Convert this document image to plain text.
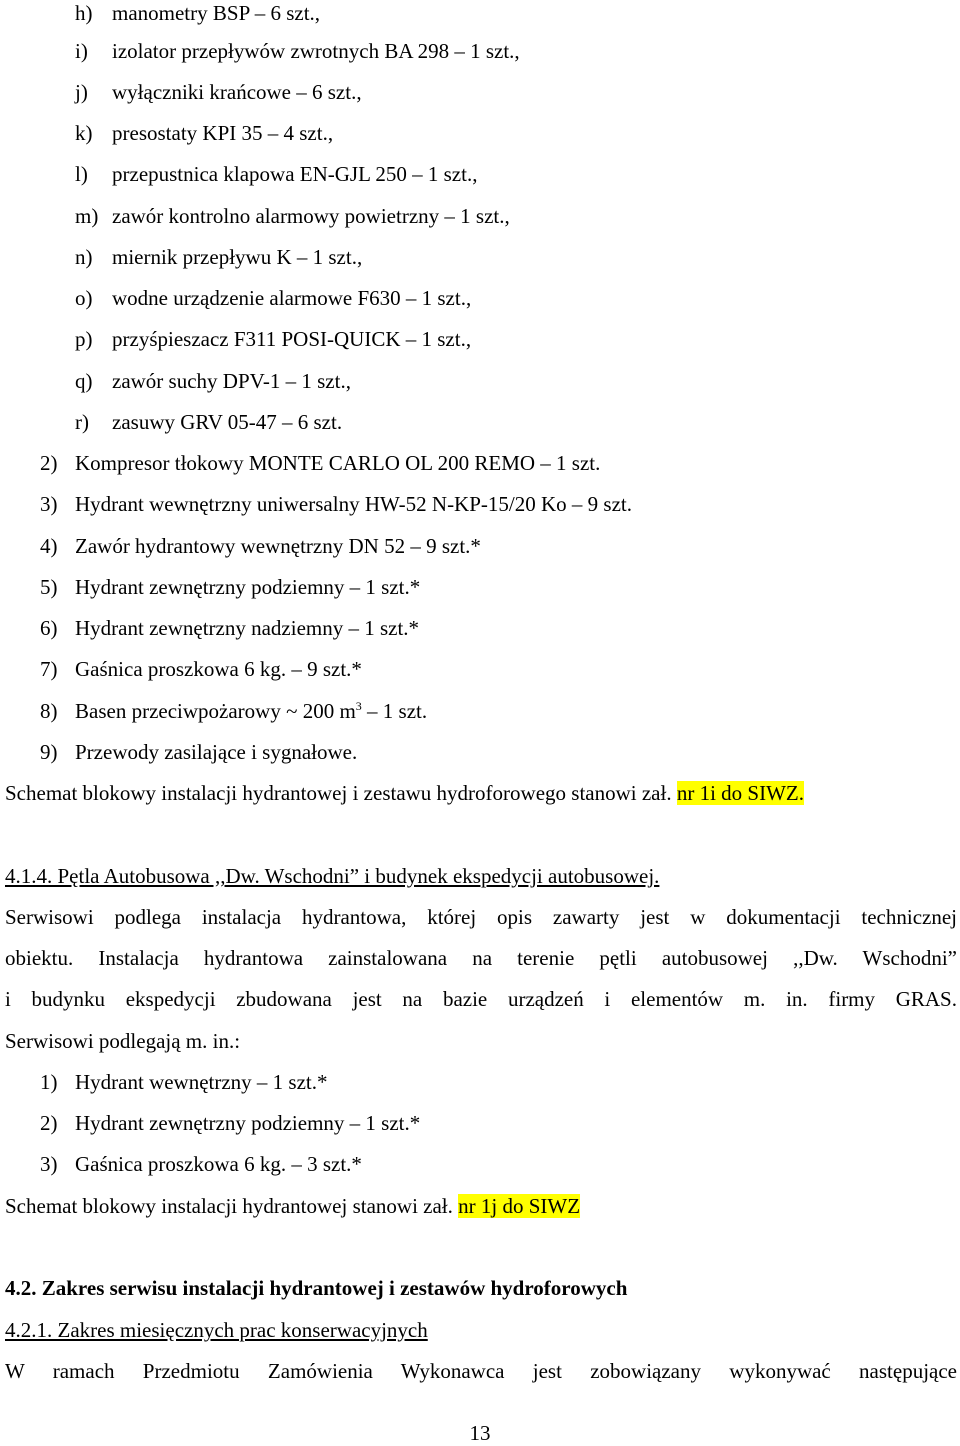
h) manometry BSP – 6 szt.,
i) izolator przepływów zwrotnych BA 298 – 1 szt.,
j) wyłączniki krańcowe – 6 szt.,
k) presostaty KPI 35 – 4 szt.,
l) przepustnica klapowa EN-GJL 250 – 1 szt.,
m) zawór kontrolno alarmowy powietrzny – 1 szt.,
n) miernik przepływu K – 1 szt.,
o) wodne urządzenie alarmowe F630 – 1 szt.,
p) przyśpieszacz F311 POSI-QUICK – 1 szt.,
q) zawór suchy DPV-1 – 1 szt.,
r) zasuwy GRV 05-47 – 6 szt.
2) Kompresor tłokowy MONTE CARLO OL 200 REMO – 1 szt.
3) Hydrant wewnętrzny uniwersalny HW-52 N-KP-15/20 Ko – 9 szt.
4) Zawór hydrantowy wewnętrzny DN 52 – 9 szt.*
5) Hydrant zewnętrzny podziemny – 1 szt.*
6) Hydrant zewnętrzny nadziemny – 1 szt.*
7) Gaśnica proszkowa 6 kg. – 9 szt.*
8) Basen przeciwpożarowy ~ 200 $m^3 - 1$ szt.
9) Przewody zasilające i sygnałowe.
Schemat blokowy instalacji hydrantowej i zestawu hydroforowego stanowi zał. nr 1i do SIWZ.
4.1.4. Pętla Autobusowa ,,Dw. Wschodni” i budynek ekspedycji autobusowej.
Serwisowi podlega instalacja hydrantowa, której opis zawarty jest w dokumentacji technicznej
obiektu. Instalacja hydrantowa zainstalowana na terenie pętli autobusowej ,,Dw. Wschodni”
i budynku ekspedycji zbudowana jest na bazie urządzeń i elementów m. in. firmy GRAS.
Serwisowi podlegają m. in.:
1) Hydrant wewnętrzny – 1 szt.*
2) Hydrant zewnętrzny podziemny – 1 szt.*
3) Gaśnica proszkowa 6 kg. – 3 szt.*
Schemat blokowy instalacji hydrantowej stanowi zał. nr 1j do SIWZ
4.2. Zakres serwisu instalacji hydrantowej i zestawów hydroforowych
4.2.1. Zakres miesięcznych prac konserwacyjnych
W ramach Przedmiotu Zamówienia Wykonawca jest zobowiązany wykonywać następujące
13
